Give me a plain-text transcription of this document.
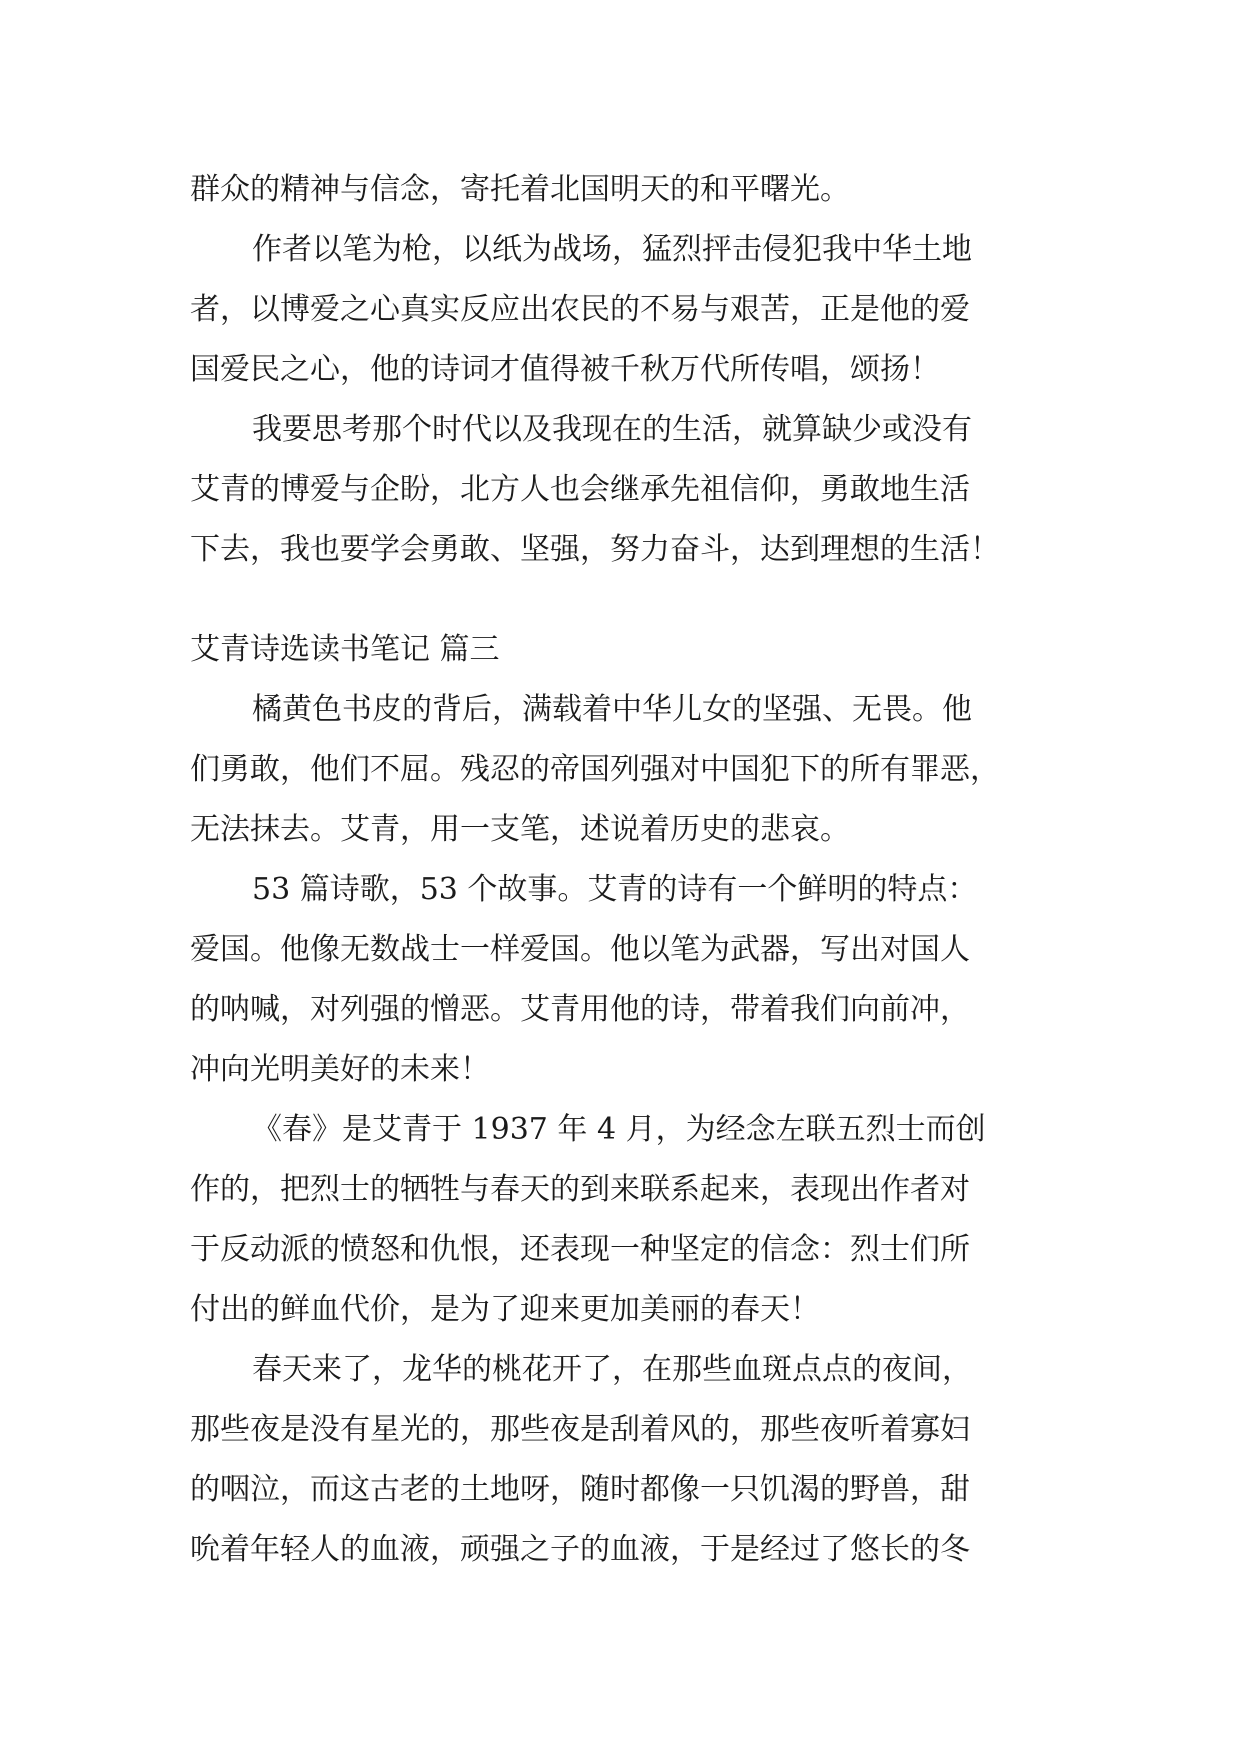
群众的精神与信念，寄托着北国明天的和平曙光。
作者以笔为枪，以纸为战场，猛烈抨击侵犯我中华土地
者，以博爱之心真实反应出农民的不易与艰苦，正是他的爱
国爱民之心，他的诗词才值得被千秋万代所传唱，颂扬！
我要思考那个时代以及我现在的生活，就算缺少或没有
艾青的博爱与企盼，北方人也会继承先祖信仰，勇敢地生活
下去，我也要学会勇敢、坚强，努力奋斗，达到理想的生活！
艾青诗选读书笔记 篇三
橘黄色书皮的背后，满载着中华儿女的坚强、无畏。他
们勇敢，他们不屈。残忍的帝国列强对中国犯下的所有罪恶，
无法抹去。艾青，用一支笔，述说着历史的悲哀。
53 篇诗歌，53 个故事。艾青的诗有一个鲜明的特点：
爱国。他像无数战士一样爱国。他以笔为武器，写出对国人
的呐喊，对列强的憎恶。艾青用他的诗，带着我们向前冲，
冲向光明美好的未来！
《春》是艾青于 1937 年 4 月，为经念左联五烈士而创
作的，把烈士的牺牲与春天的到来联系起来，表现出作者对
于反动派的愤怒和仇恨，还表现一种坚定的信念：烈士们所
付出的鲜血代价，是为了迎来更加美丽的春天！
春天来了，龙华的桃花开了，在那些血斑点点的夜间，
那些夜是没有星光的，那些夜是刮着风的，那些夜听着寡妇
的咽泣，而这古老的土地呀，随时都像一只饥渴的野兽，甜
吮着年轻人的血液，顽强之子的血液，于是经过了悠长的冬
